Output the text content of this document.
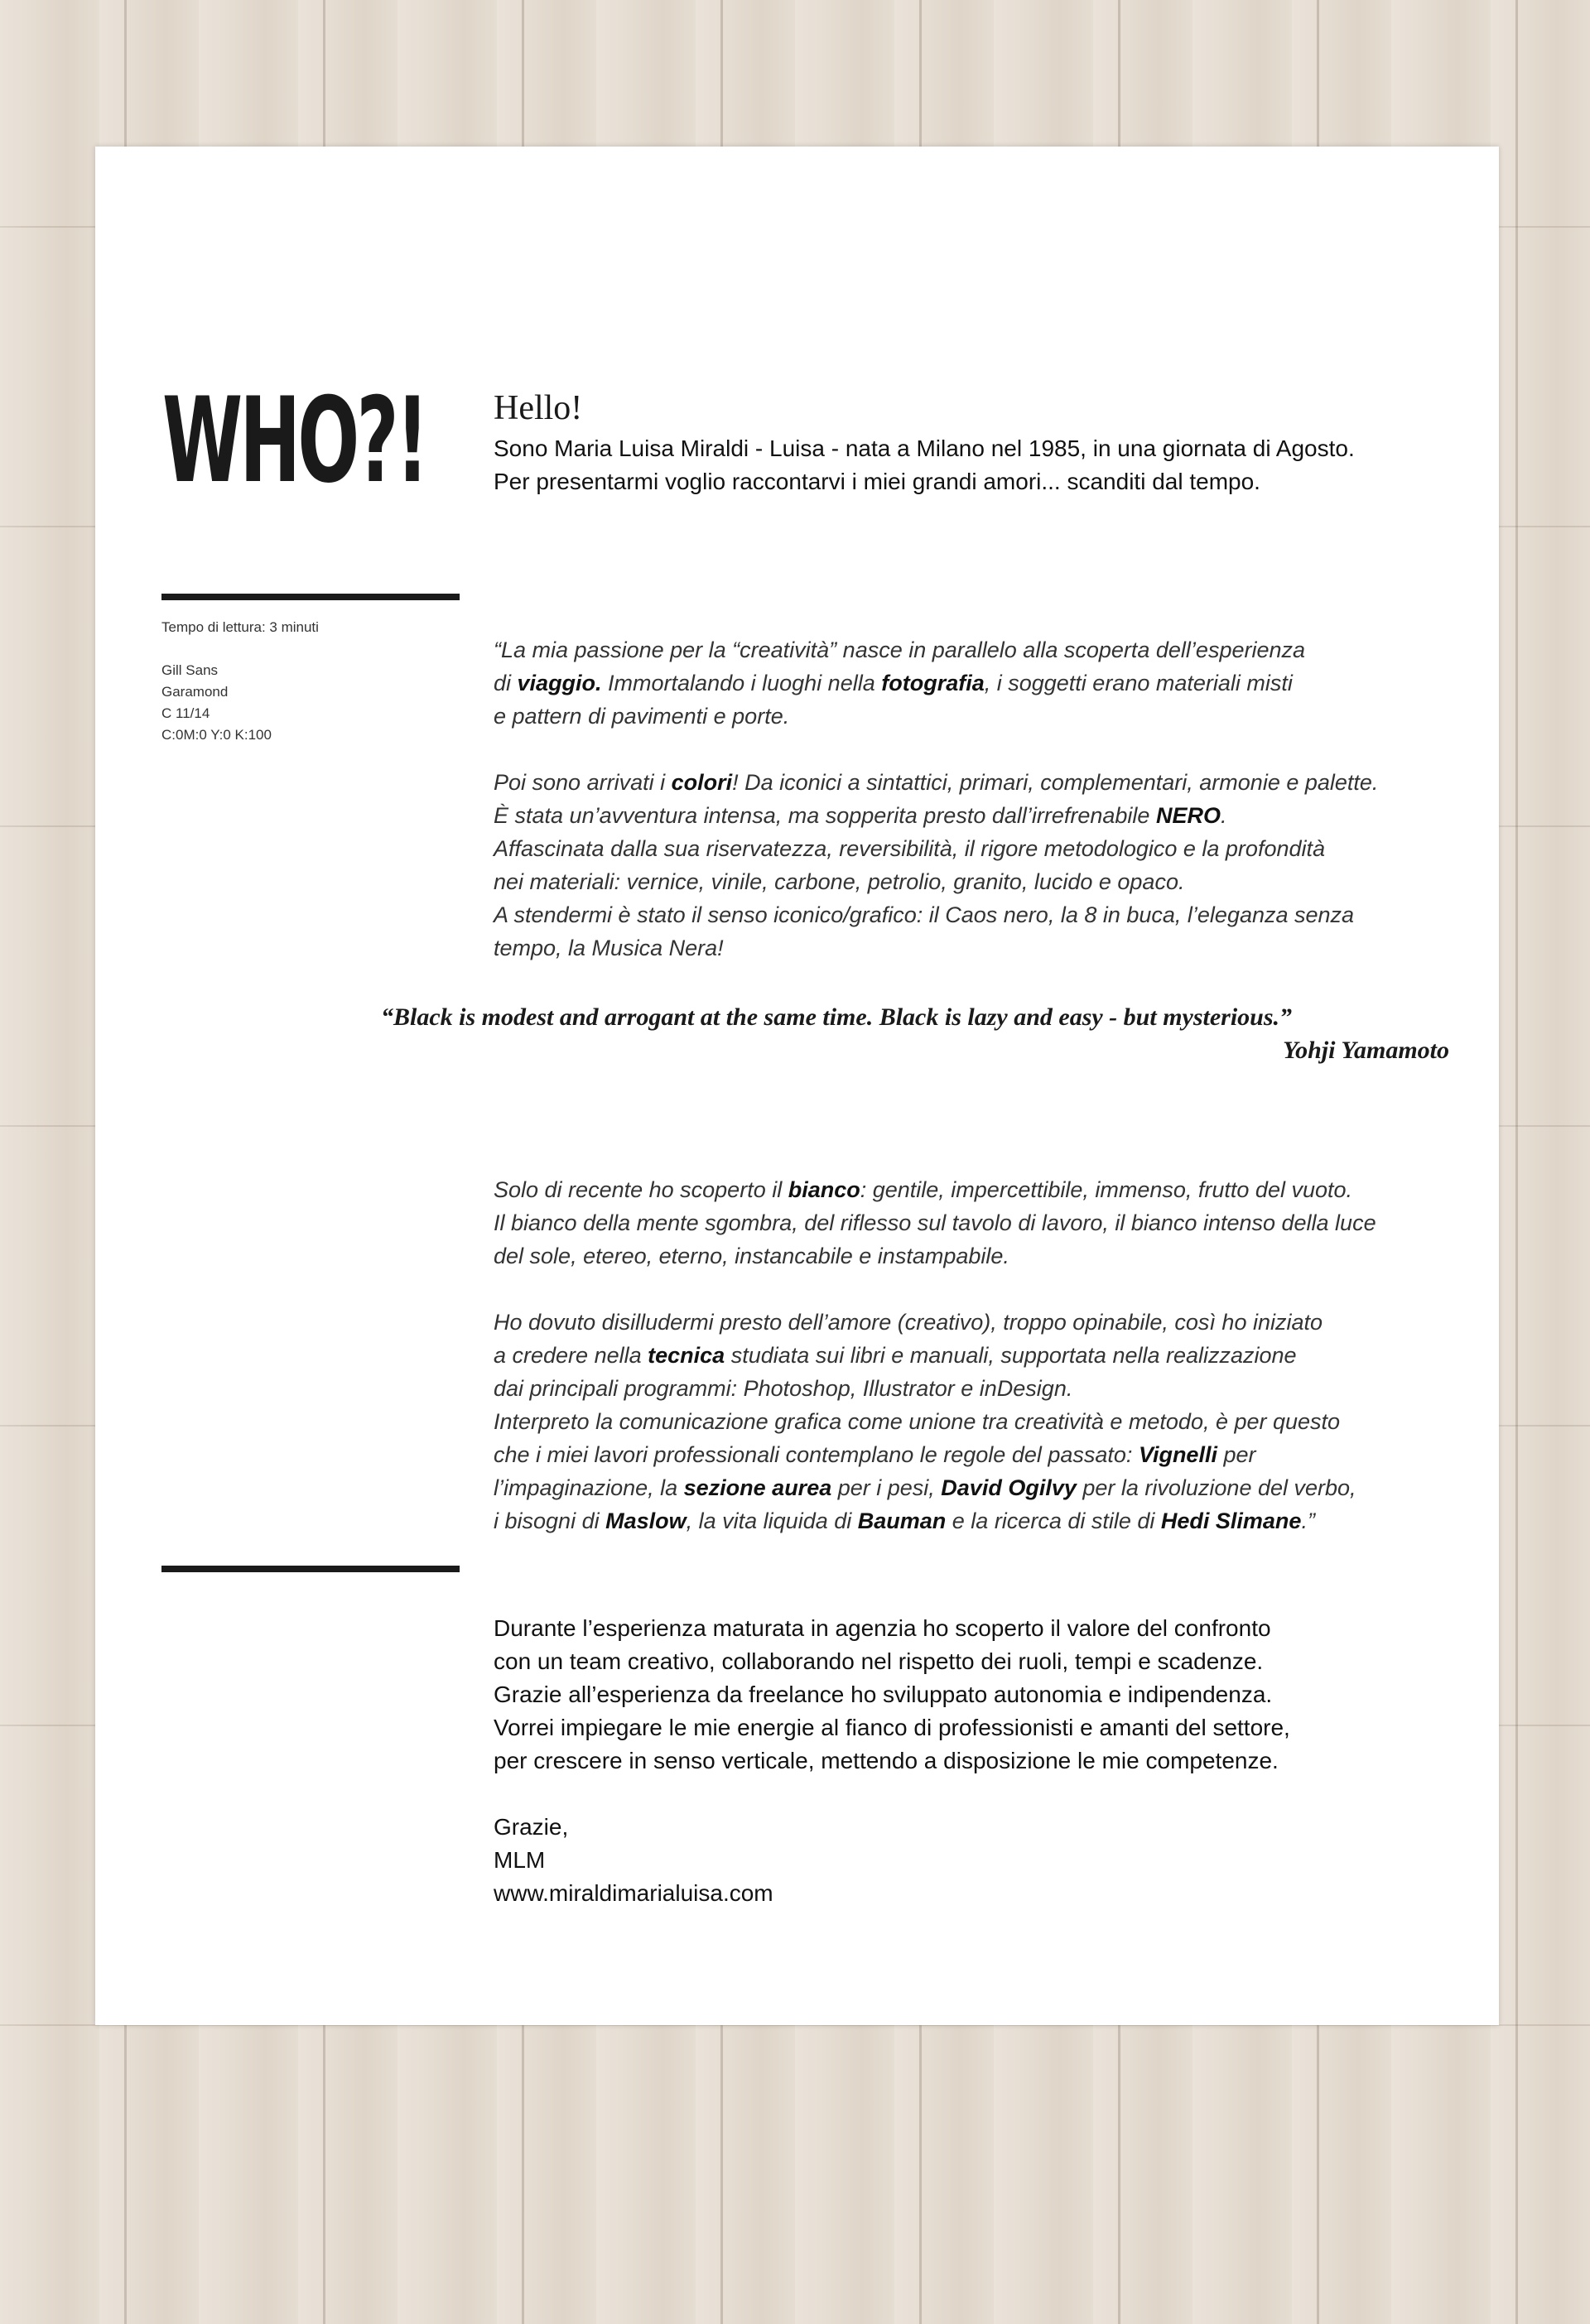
WHO?! Hello!
Sono Maria Luisa Miraldi - Luisa - nata a Milano nel 1985, in una giornata di Agosto.
Per presentarmi voglio raccontarvi i miei grandi amori... scanditi dal tempo.
Tempo di lettura: 3 minuti
Gill Sans
Garamond
C 11/14
C:0M:0 Y:0 K:100
“La mia passione per la “creatività” nasce in parallelo alla scoperta dell’esperienza
di viaggio. Immortalando i luoghi nella fotografia, i soggetti erano materiali misti
e pattern di pavimenti e porte.
Poi sono arrivati i colori! Da iconici a sintattici, primari, complementari, armonie e palette.
È stata un’avventura intensa, ma sopperita presto dall’irrefrenabile NERO.
Affascinata dalla sua riservatezza, reversibilità, il rigore metodologico e la profondità
nei materiali: vernice, vinile, carbone, petrolio, granito, lucido e opaco.
A stendermi è stato il senso iconico/grafico: il Caos nero, la 8 in buca, l’eleganza senza
tempo, la Musica Nera!
“Black is modest and arrogant at the same time. Black is lazy and easy - but mysterious.”
Yohji Yamamoto
Solo di recente ho scoperto il bianco: gentile, impercettibile, immenso, frutto del vuoto.
Il bianco della mente sgombra, del riflesso sul tavolo di lavoro, il bianco intenso della luce
del sole, etereo, eterno, instancabile e instampabile.
Ho dovuto disilludermi presto dell’amore (creativo), troppo opinabile, così ho iniziato
a credere nella tecnica studiata sui libri e manuali, supportata nella realizzazione
dai principali programmi: Photoshop, Illustrator e inDesign.
Interpreto la comunicazione grafica come unione tra creatività e metodo, è per questo
che i miei lavori professionali contemplano le regole del passato: Vignelli per
l’impaginazione, la sezione aurea per i pesi, David Ogilvy per la rivoluzione del verbo,
i bisogni di Maslow, la vita liquida di Bauman e la ricerca di stile di Hedi Slimane.”
Durante l’esperienza maturata in agenzia ho scoperto il valore del confronto
con un team creativo, collaborando nel rispetto dei ruoli, tempi e scadenze.
Grazie all’esperienza da freelance ho sviluppato autonomia e indipendenza.
Vorrei impiegare le mie energie al fianco di professionisti e amanti del settore,
per crescere in senso verticale, mettendo a disposizione le mie competenze.
Grazie,
MLM
www.miraldimarialuisa.com
